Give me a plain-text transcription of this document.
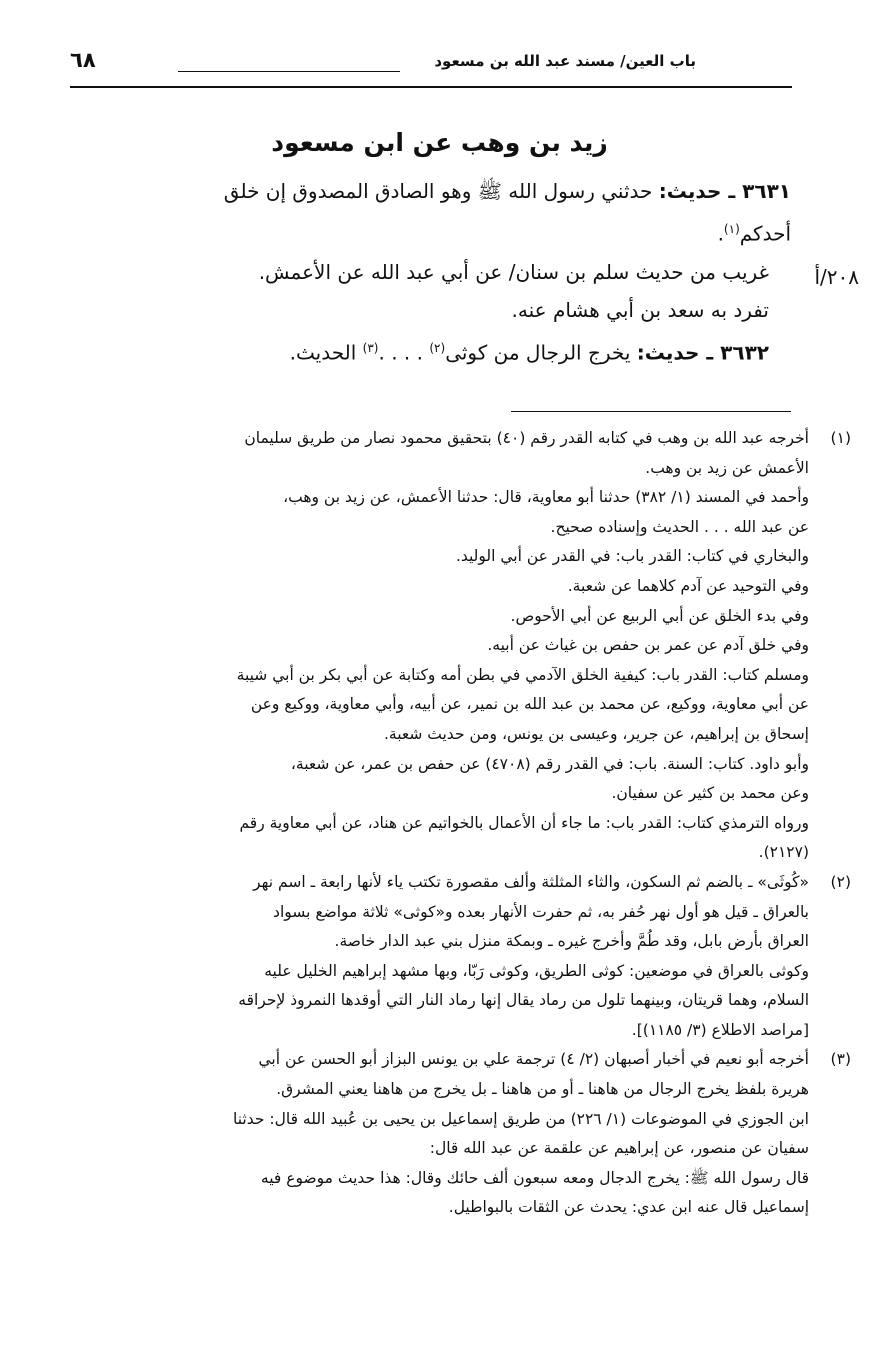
باب العين/ مسند عبد الله بن مسعود
٦٨
زيد بن وهب عن ابن مسعود
٢٠٨/أ
٣٦٣١ ـ حديث: حدثني رسول الله ﷺ وهو الصادق المصدوق إن خلق
أحدكم$^{(١)}$.
غريب من حديث سلم بن سنان/ عن أبي عبد الله عن الأعمش.
تفرد به سعد بن أبي هشام عنه.
٣٦٣٢ ـ حديث: يخرج الرجال من كوثى$^{(٢)}$ . . . .$^{(٣)}$ الحديث.
(١)
أخرجه عبد الله بن وهب في كتابه القدر رقم (٤٠) بتحقيق محمود نصار من طريق سليمان
الأعمش عن زيد بن وهب.
وأحمد في المسند (١/ ٣٨٢) حدثنا أبو معاوية، قال: حدثنا الأعمش، عن زيد بن وهب،
عن عبد الله . . . الحديث وإسناده صحيح.
والبخاري في كتاب: القدر باب: في القدر عن أبي الوليد.
وفي التوحيد عن آدم كلاهما عن شعبة.
وفي بدء الخلق عن أبي الربيع عن أبي الأحوص.
وفي خلق آدم عن عمر بن حفص بن غياث عن أبيه.
ومسلم كتاب: القدر باب: كيفية الخلق الآدمي في بطن أمه وكتابة عن أبي بكر بن أبي شيبة
عن أبي معاوية، ووكيع، عن محمد بن عبد الله بن نمير، عن أبيه، وأبي معاوية، ووكيع وعن
إسحاق بن إبراهيم، عن جرير، وعيسى بن يونس، ومن حديث شعبة.
وأبو داود. كتاب: السنة. باب: في القدر رقم (٤٧٠٨) عن حفص بن عمر، عن شعبة،
وعن محمد بن كثير عن سفيان.
ورواه الترمذي كتاب: القدر باب: ما جاء أن الأعمال بالخواتيم عن هناد، عن أبي معاوية رقم
(٢١٢٧).
(٢)
«كُوثَى» ـ بالضم ثم السكون، والثاء المثلثة وألف مقصورة تكتب ياء لأنها رابعة ـ اسم نهر
بالعراق ـ قيل هو أول نهر حُفر به، ثم حفرت الأنهار بعده و«كوثى» ثلاثة مواضع بسواد
العراق بأرض بابل، وقد طُمَّ وأخرج غيره ـ وبمكة منزل بني عبد الدار خاصة.
وكوثى بالعراق في موضعين: كوثى الطريق، وكوثى رَبّا، وبها مشهد إبراهيم الخليل عليه
السلام، وهما قريتان، وبينهما تلول من رماد يقال إنها رماد النار التي أوقدها النمروذ لإحراقه
[مراصد الاطلاع (٣/ ١١٨٥)].
(٣)
أخرجه أبو نعيم في أخبار أصبهان (٢/ ٤) ترجمة علي بن يونس البزاز أبو الحسن عن أبي
هريرة بلفظ يخرج الرجال من هاهنا ـ أو من هاهنا ـ بل يخرج من هاهنا يعني المشرق.
ابن الجوزي في الموضوعات (١/ ٢٢٦) من طريق إسماعيل بن يحيى بن عُبيد الله قال: حدثنا
سفيان عن منصور، عن إبراهيم عن علقمة عن عبد الله قال:
قال رسول الله ﷺ: يخرج الدجال ومعه سبعون ألف حائك وقال: هذا حديث موضوع فيه
إسماعيل قال عنه ابن عدي: يحدث عن الثقات بالبواطيل.
